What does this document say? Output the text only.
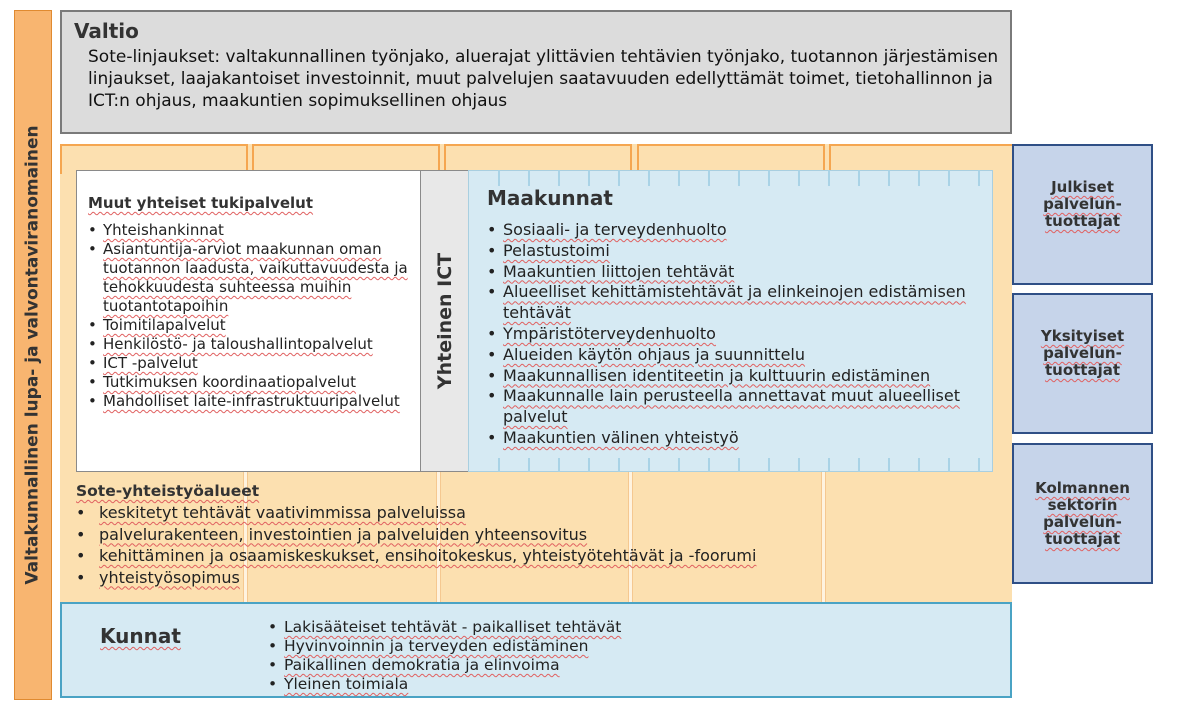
Valtakunnallinen lupa- ja valvontaviranomainen
Valtio
Sote-linjaukset: valtakunnallinen työnjako, aluerajat ylittävien tehtävien työnjako, tuotannon järjestämisen linjaukset, laajakantoiset investoinnit, muut palvelujen saatavuuden edellyttämät toimet, tietohallinnon ja ICT:n ohjaus, maakuntien sopimuksellinen ohjaus
Muut yhteiset tukipalvelut
• Yhteishankinnat
• Asiantuntija-arviot maakunnan oman tuotannon laadusta, vaikuttavuudesta ja tehokkuudesta suhteessa muihin tuotantotapoihin
• Toimitilapalvelut
• Henkilöstö- ja taloushallintopalvelut
• ICT -palvelut
• Tutkimuksen koordinaatiopalvelut
• Mahdolliset laite-infrastruktuuripalvelut
Yhteinen ICT
Maakunnat
• Sosiaali- ja terveydenhuolto
• Pelastustoimi
• Maakuntien liittojen tehtävät
• Alueelliset kehittämistehtävät ja elinkeinojen edistämisen tehtävät
• Ympäristöterveydenhuolto
• Alueiden käytön ohjaus ja suunnittelu
• Maakunnallisen identiteetin ja kulttuurin edistäminen
• Maakunnalle lain perusteella annettavat muut alueelliset palvelut
• Maakuntien välinen yhteistyö
Sote-yhteistyöalueet
• keskitetyt tehtävät vaativimmissa palveluissa
• palvelurakenteen, investointien ja palveluiden yhteensovitus
• kehittäminen ja osaamiskeskukset, ensihoitokeskus, yhteistyötehtävät ja -foorumi
• yhteistyösopimus
Kunnat
•	Lakisääteiset tehtävät - paikalliset tehtävät
• Hyvinvoinnin ja terveyden edistäminen
• Paikallinen demokratia ja elinvoima
• Yleinen toimiala
Julkiset palvelun-tuottajat
Yksityiset palvelun-tuottajat
Kolmannen sektorin palvelun-tuottajat
